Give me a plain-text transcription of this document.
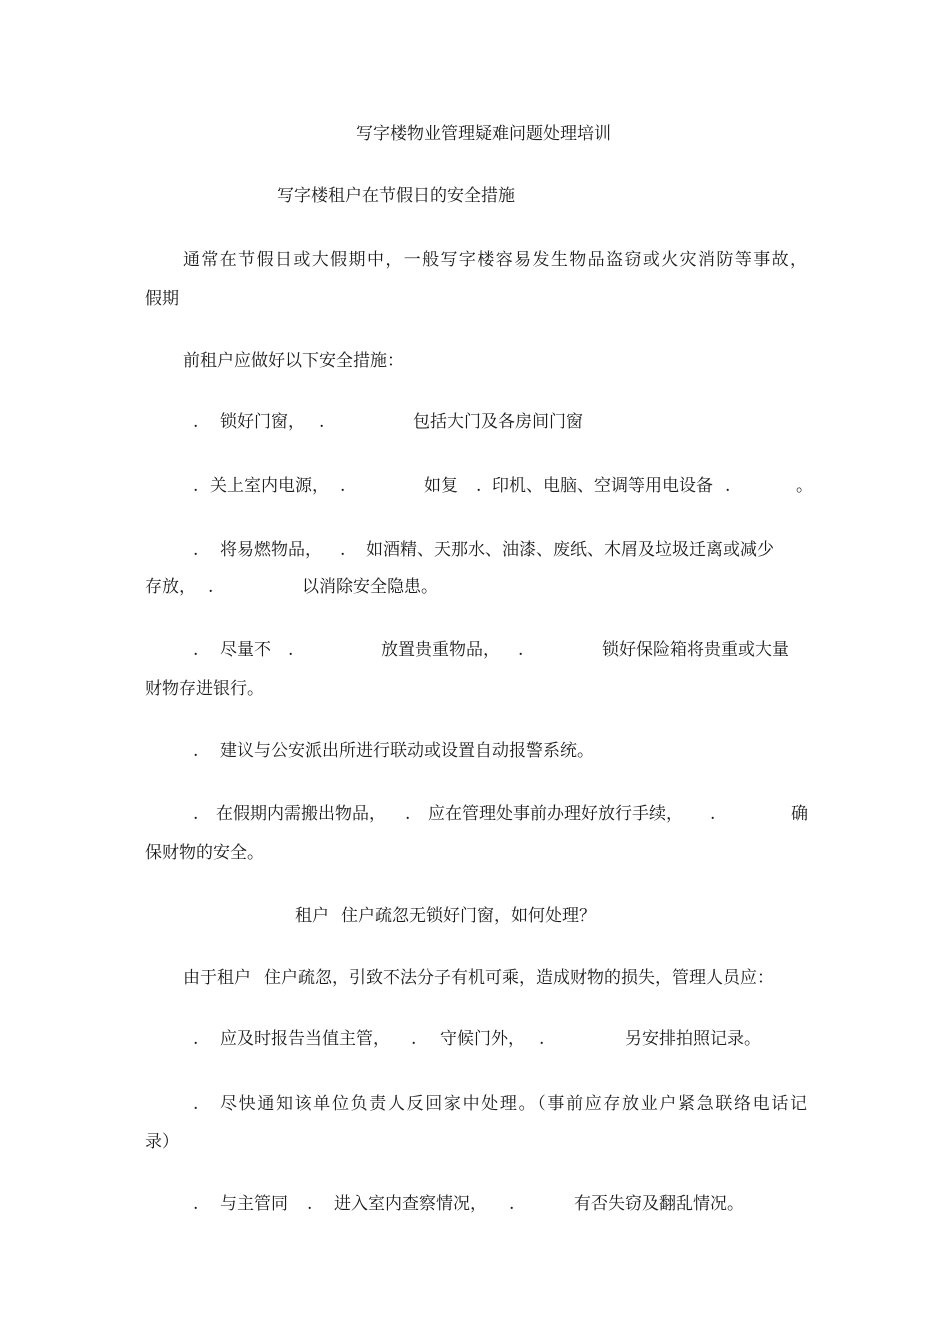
写字楼物业管理疑难问题处理培训
写字楼租户在节假日的安全措施
通常在节假日或大假期中，一般写字楼容易发生物品盗窃或火灾消防等事故，
假期
前租户应做好以下安全措施：
. 锁好门窗， .	包括大门及各房间门窗
. 关上室内电源， .	如复 . 印机、电脑、空调等用电设备 .	。
. 将易燃物品， . 如酒精、天那水、油漆、废纸、木屑及垃圾迁离或减少
存放， .	以消除安全隐患。
. 尽量不 .	放置贵重物品， .	锁好保险箱将贵重或大量
财物存进银行。
. 建议与公安派出所进行联动或设置自动报警系统。
. 在假期内需搬出物品， . 应在管理处事前办理好放行手续， .	确
保财物的安全。
租户 住户疏忽无锁好门窗，如何处理？
由于租户 住户疏忽，引致不法分子有机可乘，造成财物的损失，管理人员应：
. 应及时报告当值主管， . 守候门外， .	另安排拍照记录。
. 尽快通知该单位负责人反回家中处理。（事前应存放业户紧急联络电话记
录）
. 与主管同 . 进入室内查察情况， .	有否失窃及翻乱情况。
